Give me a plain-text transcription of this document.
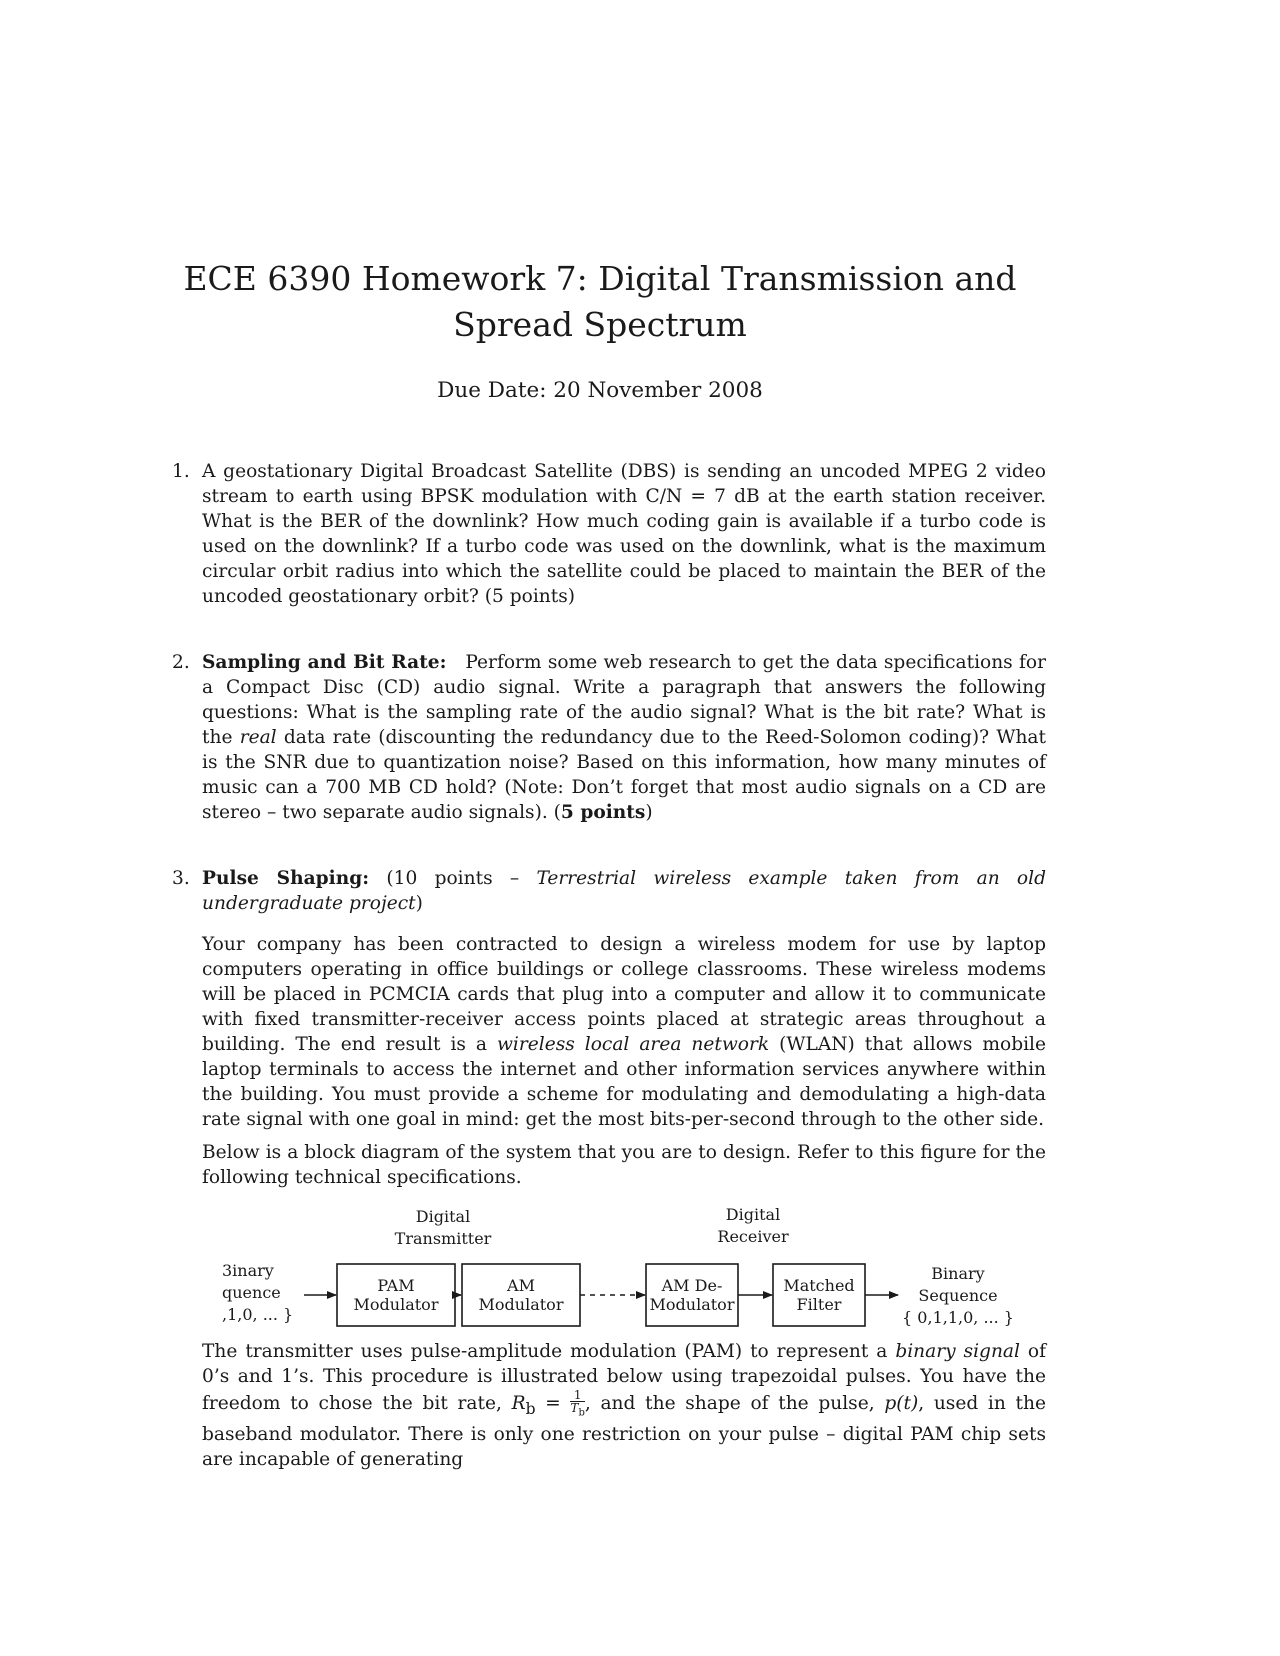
ECE 6390 Homework 7: Digital Transmission and Spread Spectrum
Due Date: 20 November 2008
1. A geostationary Digital Broadcast Satellite (DBS) is sending an uncoded MPEG 2 video stream to earth using BPSK modulation with C/N = 7 dB at the earth station receiver. What is the BER of the downlink? How much coding gain is available if a turbo code is used on the downlink? If a turbo code was used on the downlink, what is the maximum circular orbit radius into which the satellite could be placed to maintain the BER of the uncoded geostationary orbit? (5 points)

2. Sampling and Bit Rate: Perform some web research to get the data specifications for a Compact Disc (CD) audio signal. Write a paragraph that answers the following questions: What is the sampling rate of the audio signal? What is the bit rate? What is the real data rate (discounting the redundancy due to the Reed-Solomon coding)? What is the SNR due to quantization noise? Based on this information, how many minutes of music can a 700 MB CD hold? (Note: Don’t forget that most audio signals on a CD are stereo – two separate audio signals). (5 points)

3. Pulse Shaping: (10 points – Terrestrial wireless example taken from an old undergraduate project)

Your company has been contracted to design a wireless modem for use by laptop computers operating in office buildings or college classrooms. These wireless modems will be placed in PCMCIA cards that plug into a computer and allow it to communicate with fixed transmitter-receiver access points placed at strategic areas throughout a building. The end result is a wireless local area network (WLAN) that allows mobile laptop terminals to access the internet and other information services anywhere within the building. You must provide a scheme for modulating and demodulating a high-data rate signal with one goal in mind: get the most bits-per-second through to the other side.

Below is a block diagram of the system that you are to design. Refer to this figure for the following technical specifications.

Digital
Transmitter
Digital
Receiver
3inary
quence
,1,0, ... }
PAM
Modulator
AM
Modulator
AM De-
Modulator
Matched
Filter
Binary
Sequence
{ 0,1,1,0, ... }

The transmitter uses pulse-amplitude modulation (PAM) to represent a binary signal of 0’s and 1’s. This procedure is illustrated below using trapezoidal pulses. You have the freedom to chose the bit rate, $R_b = \frac{1}{T_b}$ , and the shape of the pulse, p(t), used in the baseband modulator. There is only one restriction on your pulse – digital PAM chip sets are incapable of generating
